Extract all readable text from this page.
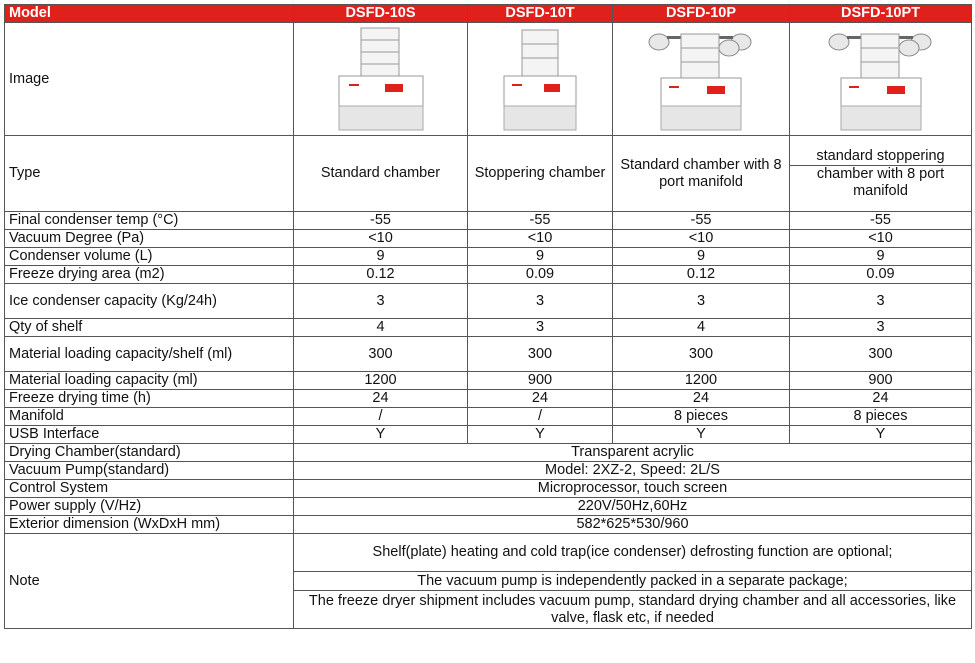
Model	DSFD-10S	DSFD-10T	DSFD-10P	DSFD-10PT
Image	

Type	Standard chamber	Stoppering chamber	Standard chamber with 8 port manifold	standard stoppering
chamber with 8 port manifold

Final condenser temp (°C)	-55	-55	-55	-55
Vacuum Degree (Pa)	<10	<10	<10	<10
Condenser volume (L)	9	9	9	9
Freeze drying area (m2)	0.12	0.09	0.12	0.09
Ice condenser capacity (Kg/24h)	3	3	3	3
Qty of shelf	4	3	4	3
Material loading capacity/shelf (ml)	300	300	300	300
Material loading capacity (ml)	1200	900	1200	900
Freeze drying time (h)	24	24	24	24
Manifold	/	/	8 pieces	8 pieces
USB Interface	Y	Y	Y	Y
Drying Chamber(standard)	Transparent acrylic			
Vacuum Pump(standard)	Model: 2XZ-2, Speed: 2L/S			
Control System	Microprocessor, touch screen			
Power supply (V/Hz)	220V/50Hz,60Hz			
Exterior dimension (WxDxH mm)	582*625*530/960			
Note	Shelf(plate) heating and cold trap(ice condenser) defrosting function are optional;			
	The vacuum pump is independently packed in a separate package;			
	The freeze dryer shipment includes vacuum pump, standard drying chamber and all accessories, like valve, flask etc, if needed			
